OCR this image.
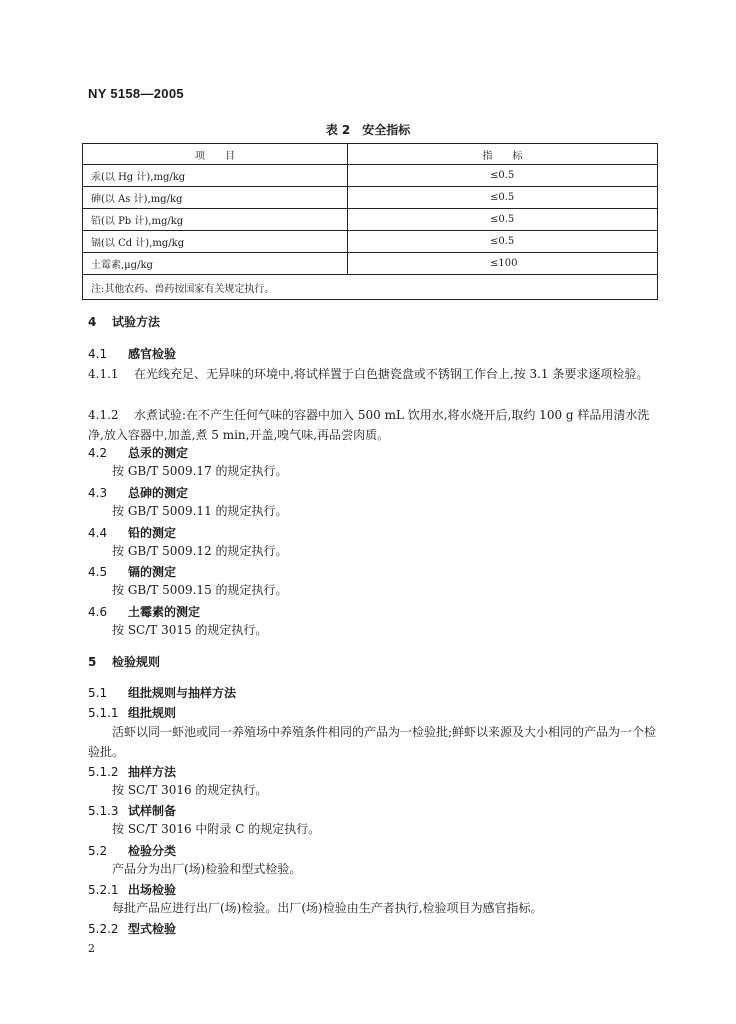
NY 5158—2005
表 2　安全指标
项　　目	指　　标
汞(以 Hg 计),mg/kg	≤0.5
砷(以 As 计),mg/kg	≤0.5
铅(以 Pb 计),mg/kg	≤0.5
镉(以 Cd 计),mg/kg	≤0.5
土霉素,μg/kg	≤100
注:其他农药、兽药按国家有关规定执行。	
4 试验方法
4.1 感官检验

4.1.1 在光线充足、无异味的环境中,将试样置于白色搪瓷盘或不锈钢工作台上,按 3.1 条要求逐项检验。

4.1.2 水煮试验:在不产生任何气味的容器中加入 500 mL 饮用水,将水烧开后,取约 100 g 样品用清水洗净,放入容器中,加盖,煮 5 min,开盖,嗅气味,再品尝肉质。

4.2 总汞的测定
按 GB/T 5009.17 的规定执行。
4.3 总砷的测定
按 GB/T 5009.11 的规定执行。
4.4 铅的测定
按 GB/T 5009.12 的规定执行。
4.5 镉的测定
按 GB/T 5009.15 的规定执行。
4.6 土霉素的测定
按 SC/T 3015 的规定执行。
5 检验规则
5.1 组批规则与抽样方法
5.1.1 组批规则

活虾以同一虾池或同一养殖场中养殖条件相同的产品为一检验批;鲜虾以来源及大小相同的产品为一个检验批。

5.1.2 抽样方法
按 SC/T 3016 的规定执行。
5.1.3 试样制备
按 SC/T 3016 中附录 C 的规定执行。
5.2 检验分类
产品分为出厂(场)检验和型式检验。
5.2.1 出场检验
每批产品应进行出厂(场)检验。出厂(场)检验由生产者执行,检验项目为感官指标。
5.2.2 型式检验
2
